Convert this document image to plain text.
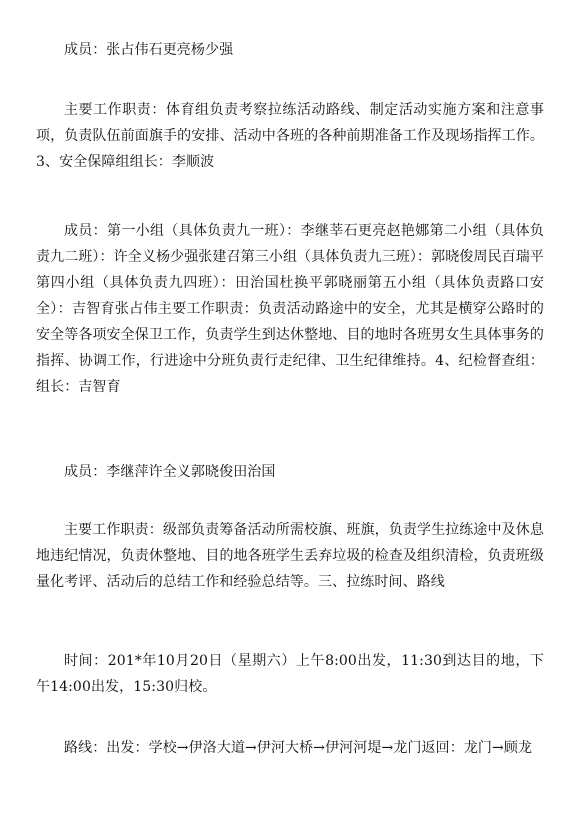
成员：张占伟石更亮杨少强

主要工作职责：体育组负责考察拉练活动路线、制定活动实施方案和注意事项，负责队伍前面旗手的安排、活动中各班的各种前期准备工作及现场指挥工作。3、安全保障组组长：李顺波

成员：第一小组（具体负责九一班）：李继莘石更亮赵艳娜第二小组（具体负责九二班）：许全义杨少强张建召第三小组（具体负责九三班）：郭晓俊周民百瑞平第四小组（具体负责九四班）：田治国杜换平郭晓丽第五小组（具体负责路口安全）：吉智育张占伟主要工作职责：负责活动路途中的安全，尤其是横穿公路时的安全等各项安全保卫工作，负责学生到达休整地、目的地时各班男女生具体事务的指挥、协调工作，行进途中分班负责行走纪律、卫生纪律维持。4、纪检督查组：组长：吉智育

成员：李继萍许全义郭晓俊田治国

主要工作职责：级部负责筹备活动所需校旗、班旗，负责学生拉练途中及休息地违纪情况，负责休整地、目的地各班学生丢弃垃圾的检查及组织清检，负责班级量化考评、活动后的总结工作和经验总结等。三、拉练时间、路线

时间：201*年10月20日（星期六）上午8:00出发，11:30到达目的地，下午14:00出发，15:30归校。

路线：出发：学校→伊洛大道→伊河大桥→伊河河堤→龙门返回：龙门→顾龙
